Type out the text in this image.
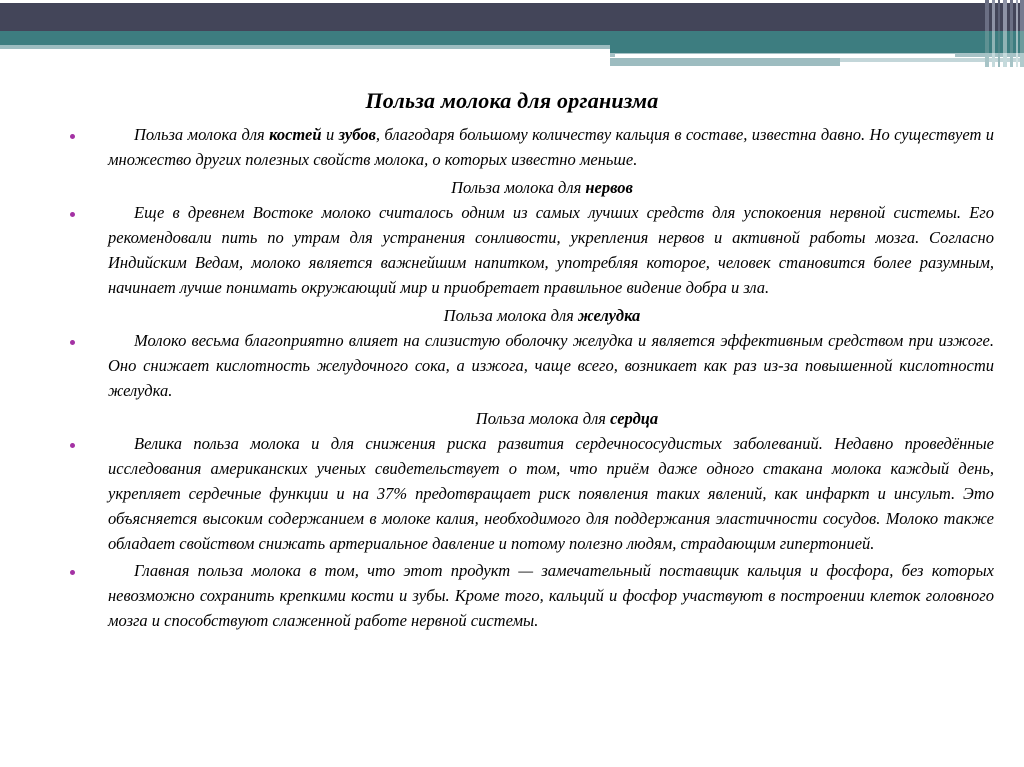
Польза молока для организма

Польза молока для костей и зубов, благодаря большому количеству кальция в составе, известна давно. Но существует и множество других полезных свойств молока, о которых известно меньше.

Польза молока для нервов

Еще в древнем Востоке молоко считалось одним из самых лучших средств для успокоения нервной системы. Его рекомендовали пить по утрам для устранения сонливости, укрепления нервов и активной работы мозга. Согласно Индийским Ведам, молоко является важнейшим напитком, употребляя которое, человек становится более разумным, начинает лучше понимать окружающий мир и приобретает правильное видение добра и зла.

Польза молока для желудка

Молоко весьма благоприятно влияет на слизистую оболочку желудка и является эффективным средством при изжоге. Оно снижает кислотность желудочного сока, а изжога, чаще всего, возникает как раз из-за повышенной кислотности желудка.

Польза молока для сердца

Велика польза молока и для снижения риска развития сердечнососудистых заболеваний. Недавно проведённые исследования американских ученых свидетельствует о том, что приём даже одного стакана молока каждый день, укрепляет сердечные функции и на 37% предотвращает риск появления таких явлений, как инфаркт и инсульт. Это объясняется высоким содержанием в молоке калия, необходимого для поддержания эластичности сосудов. Молоко также обладает свойством снижать артериальное давление и потому полезно людям, страдающим гипертонией.

Главная польза молока в том, что этот продукт — замечательный поставщик кальция и фосфора, без которых невозможно сохранить крепкими кости и зубы. Кроме того, кальций и фосфор участвуют в построении клеток головного мозга и способствуют слаженной работе нервной системы.
